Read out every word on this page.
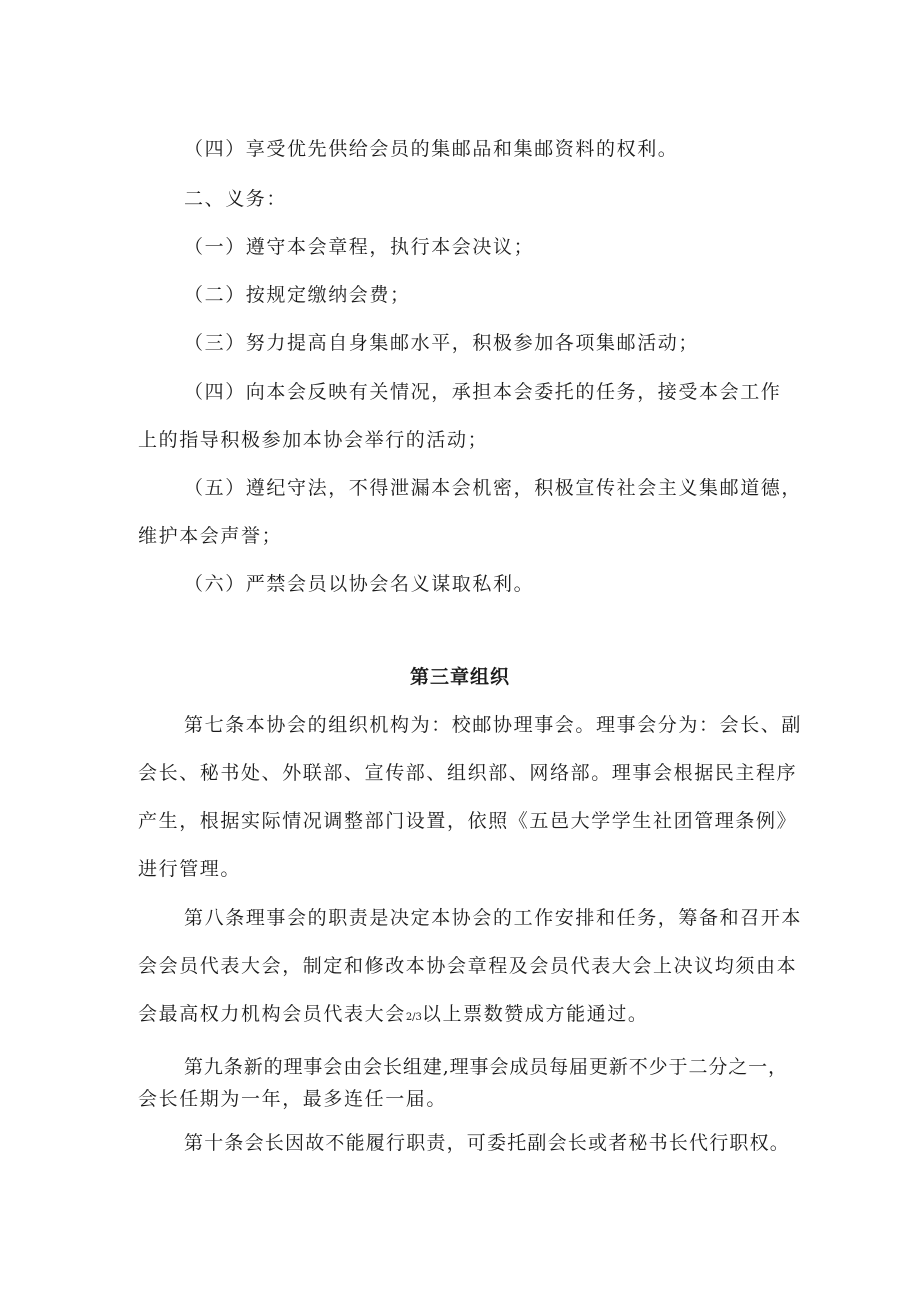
（四）享受优先供给会员的集邮品和集邮资料的权利。
二、义务：
（一）遵守本会章程，执行本会决议；
（二）按规定缴纳会费；
（三）努力提高自身集邮水平，积极参加各项集邮活动；
（四）向本会反映有关情况，承担本会委托的任务，接受本会工作
上的指导积极参加本协会举行的活动；
（五）遵纪守法，不得泄漏本会机密，积极宣传社会主义集邮道德，
维护本会声誉；
（六）严禁会员以协会名义谋取私利。
第三章组织
第七条本协会的组织机构为：校邮协理事会。理事会分为：会长、副
会长、秘书处、外联部、宣传部、组织部、网络部。理事会根据民主程序
产生，根据实际情况调整部门设置，依照《五邑大学学生社团管理条例》
进行管理。
第八条理事会的职责是决定本协会的工作安排和任务，筹备和召开本
会会员代表大会，制定和修改本协会章程及会员代表大会上决议均须由本
会最高权力机构会员代表大会2/3以上票数赞成方能通过。
第九条新的理事会由会长组建,理事会成员每届更新不少于二分之一，
会长任期为一年，最多连任一届。
第十条会长因故不能履行职责，可委托副会长或者秘书长代行职权。
